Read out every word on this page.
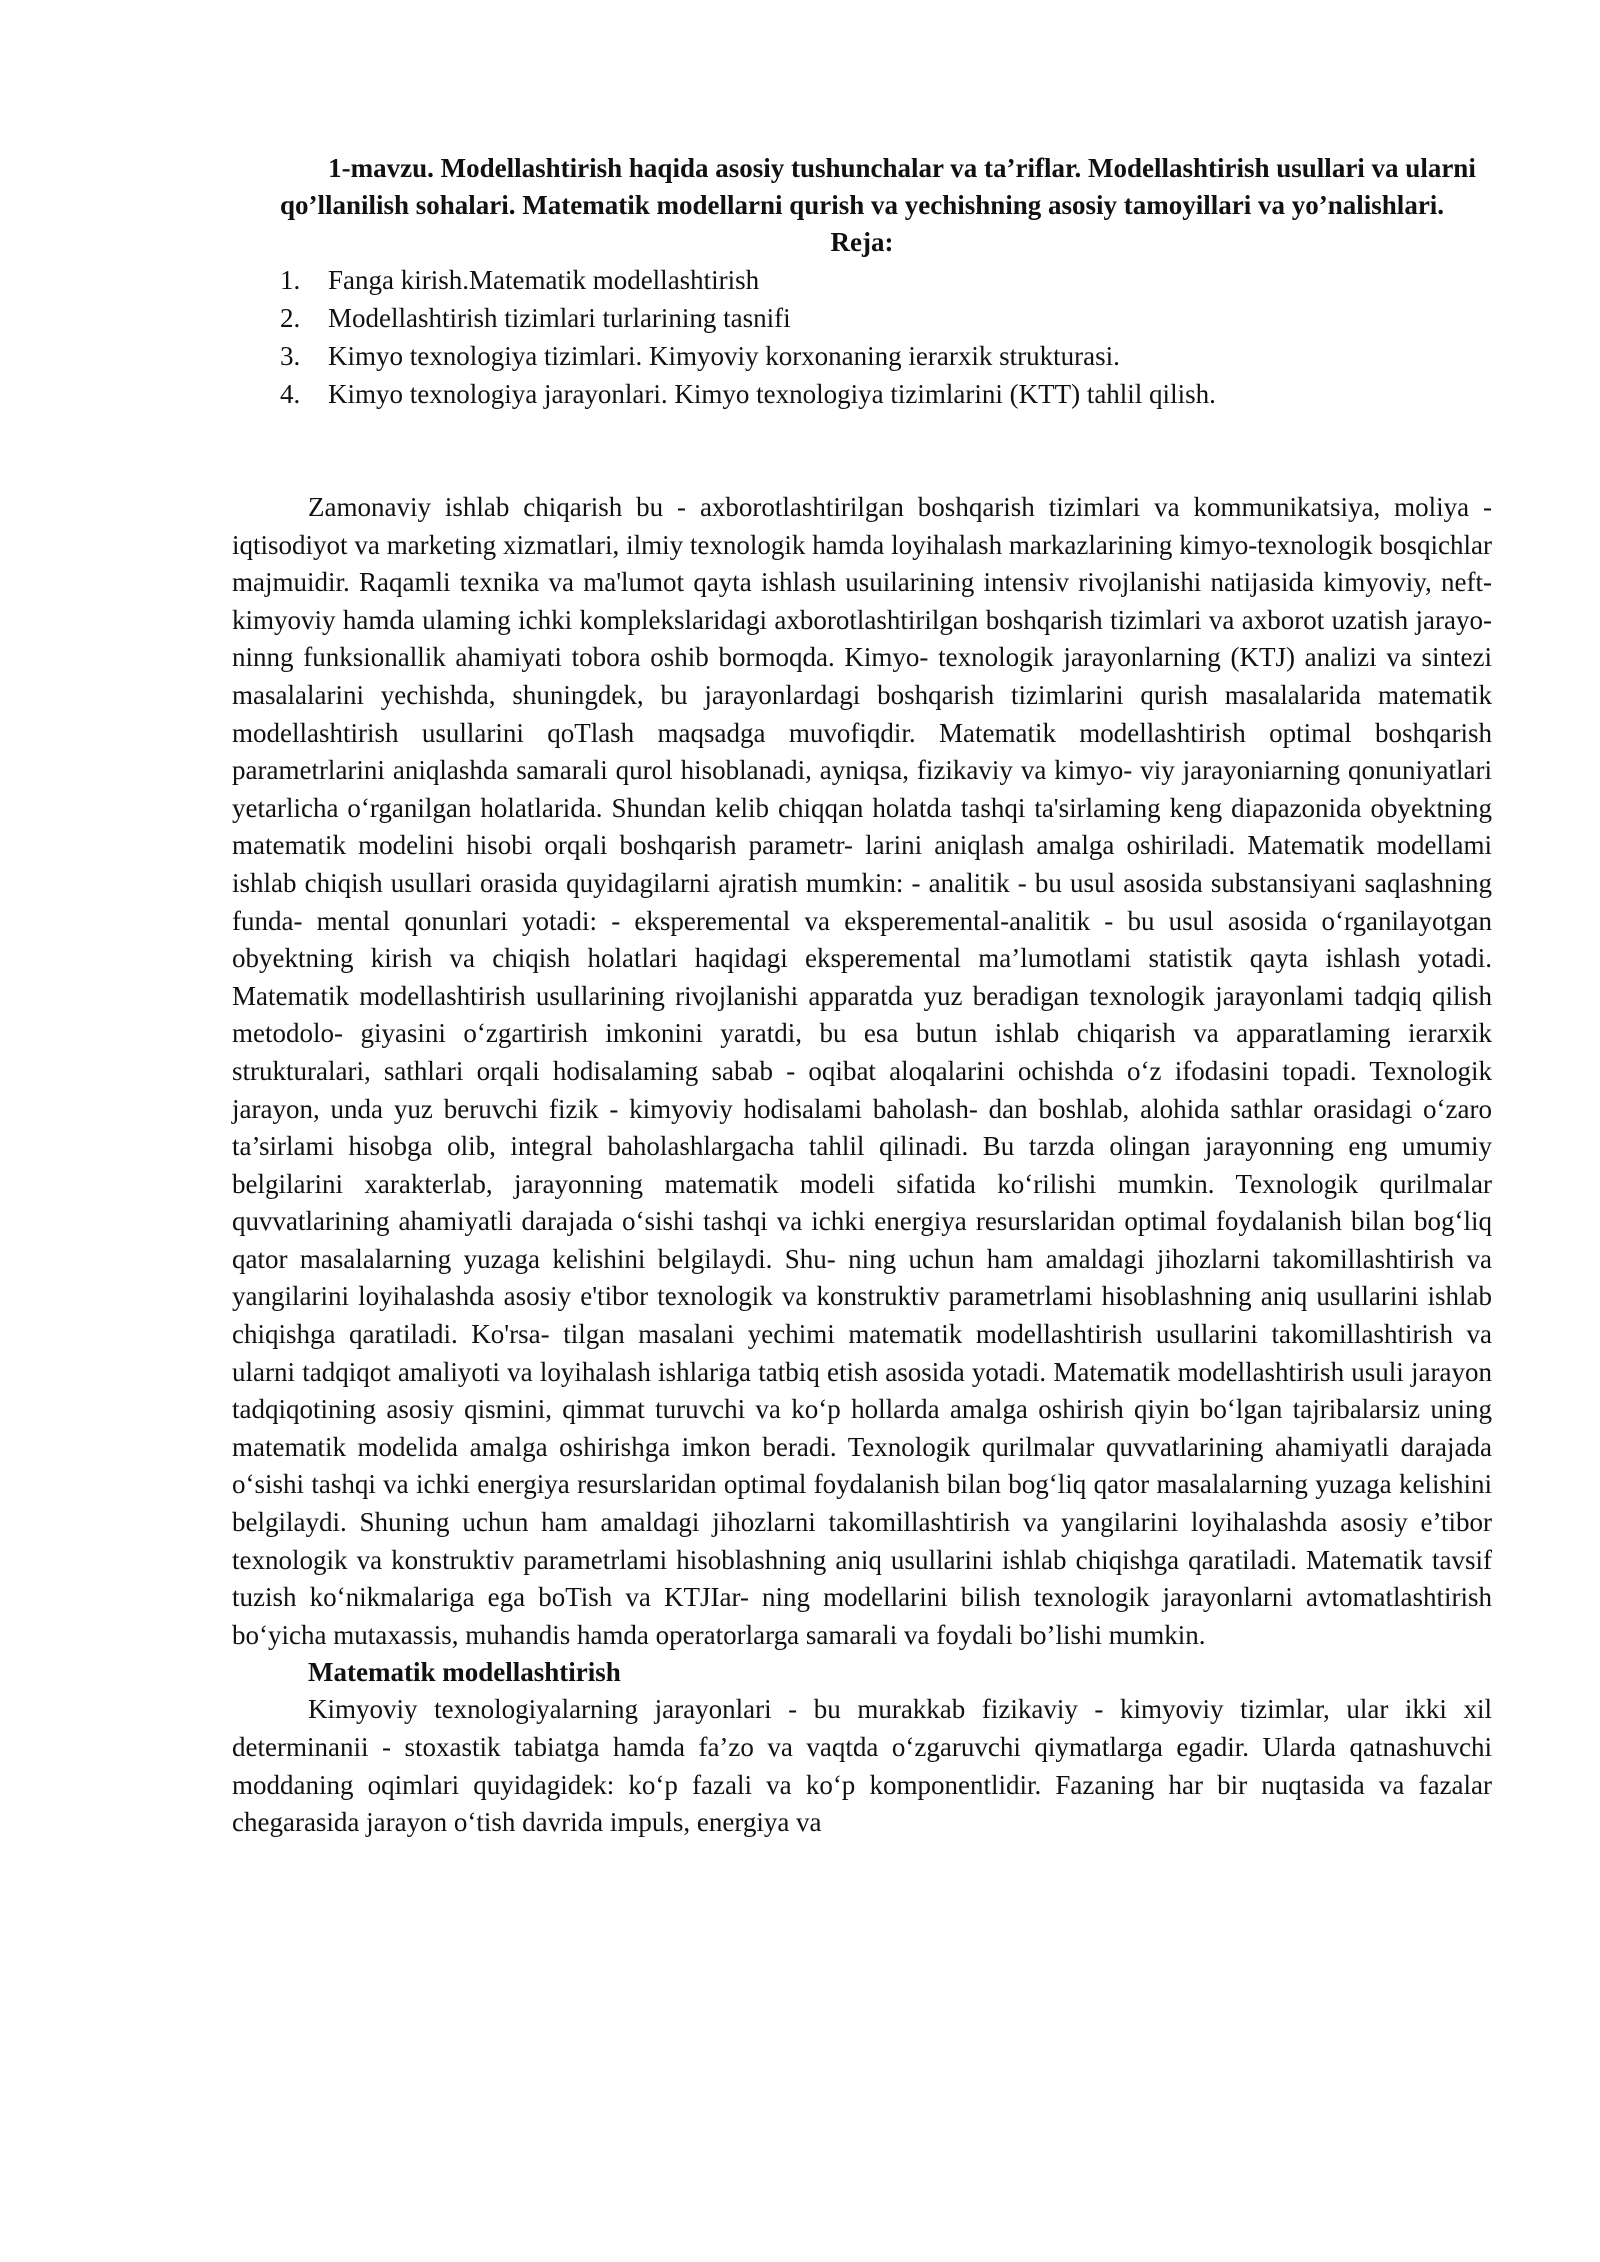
1-mavzu. Modellashtirish haqida asosiy tushunchalar va ta’riflar. Modellashtirish usullari va ularni qo’llanilish sohalari. Matematik modellarni qurish va yechishning asosiy tamoyillari va yo’nalishlari.

Reja:

1. Fanga kirish.Matematik modellashtirish
2. Modellashtirish tizimlari turlarining tasnifi
3. Kimyo texnologiya tizimlari. Kimyoviy korxonaning ierarxik strukturasi.
4. Kimyo texnologiya jarayonlari. Kimyo texnologiya tizimlarini (KTT) tahlil qilish.

Zamonaviy ishlab chiqarish bu - axborotlashtirilgan boshqarish tizimlari va kommunikatsiya, moliya - iqtisodiyot va marketing xizmatlari, ilmiy texnologik hamda loyihalash markazlarining kimyo-texnologik bosqichlar majmuidir. Raqamli texnika va ma'lumot qayta ishlash usuilarining intensiv rivojlanishi natijasida kimyoviy, neft-kimyoviy hamda ulaming ichki komplekslaridagi axborotlashtirilgan boshqarish tizimlari va axborot uzatish jarayo- ninng funksionallik ahamiyati tobora oshib bormoqda. Kimyo- texnologik jarayonlarning (KTJ) analizi va sintezi masalalarini yechishda, shuningdek, bu jarayonlardagi boshqarish tizimlarini qurish masalalarida matematik modellashtirish usullarini qoTlash maqsadga muvofiqdir. Matematik modellashtirish optimal boshqarish parametrlarini aniqlashda samarali qurol hisoblanadi, ayniqsa, fizikaviy va kimyo- viy jarayoniarning qonuniyatlari yetarlicha o‘rganilgan holatlarida. Shundan kelib chiqqan holatda tashqi ta'sirlaming keng diapazonida obyektning matematik modelini hisobi orqali boshqarish parametr- larini aniqlash amalga oshiriladi. Matematik modellami ishlab chiqish usullari orasida quyidagilarni ajratish mumkin: - analitik - bu usul asosida substansiyani saqlashning funda- mental qonunlari yotadi: - eksperemental va eksperemental-analitik - bu usul asosida o‘rganilayotgan obyektning kirish va chiqish holatlari haqidagi eksperemental ma’lumotlami statistik qayta ishlash yotadi. Matematik modellashtirish usullarining rivojlanishi apparatda yuz beradigan texnologik jarayonlami tadqiq qilish metodolo- giyasini o‘zgartirish imkonini yaratdi, bu esa butun ishlab chiqarish va apparatlaming ierarxik strukturalari, sathlari orqali hodisalaming sabab - oqibat aloqalarini ochishda o‘z ifodasini topadi. Texnologik jarayon, unda yuz beruvchi fizik - kimyoviy hodisalami baholash- dan boshlab, alohida sathlar orasidagi o‘zaro ta’sirlami hisobga olib, integral baholashlargacha tahlil qilinadi. Bu tarzda olingan jarayonning eng umumiy belgilarini xarakterlab, jarayonning matematik modeli sifatida ko‘rilishi mumkin. Texnologik qurilmalar quvvatlarining ahamiyatli darajada o‘sishi tashqi va ichki energiya resurslaridan optimal foydalanish bilan bog‘liq qator masalalarning yuzaga kelishini belgilaydi. Shu- ning uchun ham amaldagi jihozlarni takomillashtirish va yangilarini loyihalashda asosiy e'tibor texnologik va konstruktiv parametrlami hisoblashning aniq usullarini ishlab chiqishga qaratiladi. Ko'rsa- tilgan masalani yechimi matematik modellashtirish usullarini takomillashtirish va ularni tadqiqot amaliyoti va loyihalash ishlariga tatbiq etish asosida yotadi. Matematik modellashtirish usuli jarayon tadqiqotining asosiy qismini, qimmat turuvchi va ko‘p hollarda amalga oshirish qiyin bo‘lgan tajribalarsiz uning matematik modelida amalga oshirishga imkon beradi. Texnologik qurilmalar quvvatlarining ahamiyatli darajada o‘sishi tashqi va ichki energiya resurslaridan optimal foydalanish bilan bog‘liq qator masalalarning yuzaga kelishini belgilaydi. Shuning uchun ham amaldagi jihozlarni takomillashtirish va yangilarini loyihalashda asosiy e’tibor texnologik va konstruktiv parametrlami hisoblashning aniq usullarini ishlab chiqishga qaratiladi. Matematik tavsif tuzish ko‘nikmalariga ega boTish va KTJIar- ning modellarini bilish texnologik jarayonlarni avtomatlashtirish bo‘yicha mutaxassis, muhandis hamda operatorlarga samarali va foydali bo’lishi mumkin.

Matematik modellashtirish

Kimyoviy texnologiyalarning jarayonlari - bu murakkab fizikaviy - kimyoviy tizimlar, ular ikki xil determinanii - stoxastik tabiatga hamda fa’zo va vaqtda o‘zgaruvchi qiymatlarga egadir. Ularda qatnashuvchi moddaning oqimlari quyidagidek: ko‘p fazali va ko‘p komponentlidir. Fazaning har bir nuqtasida va fazalar chegarasida jarayon o‘tish davrida impuls, energiya va
